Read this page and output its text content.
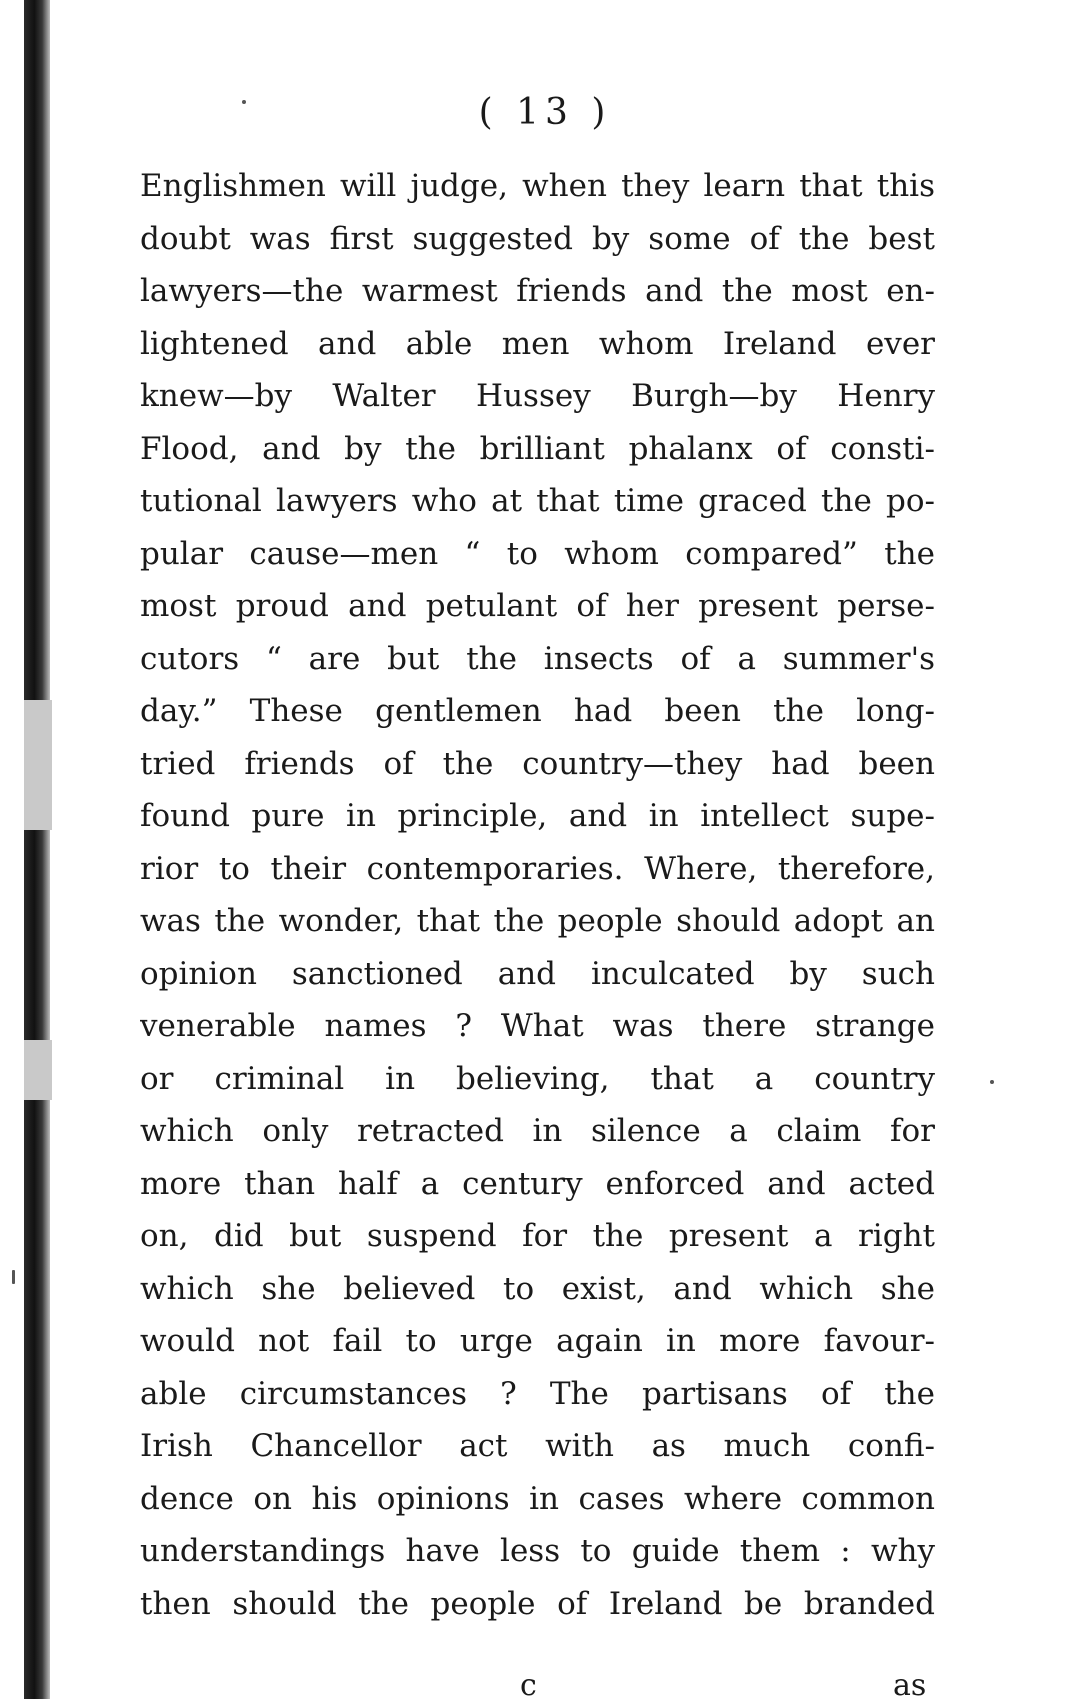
( 13 )
Englishmen will judge, when they learn that this
doubt was first suggested by some of the best
lawyers—the warmest friends and the most en-
lightened and able men whom Ireland ever
knew—by Walter Hussey Burgh—by Henry
Flood, and by the brilliant phalanx of consti-
tutional lawyers who at that time graced the po-
pular cause—men “ to whom compared” the
most proud and petulant of her present perse-
cutors “ are but the insects of a summer's
day.” These gentlemen had been the long-
tried friends of the country—they had been
found pure in principle, and in intellect supe-
rior to their contemporaries. Where, therefore,
was the wonder, that the people should adopt an
opinion sanctioned and inculcated by such
venerable names ? What was there strange
or criminal in believing, that a country
which only retracted in silence a claim for
more than half a century enforced and acted
on, did but suspend for the present a right
which she believed to exist, and which she
would not fail to urge again in more favour-
able circumstances ? The partisans of the
Irish Chancellor act with as much confi-
dence on his opinions in cases where common
understandings have less to guide them : why
then should the people of Ireland be branded
c	as
